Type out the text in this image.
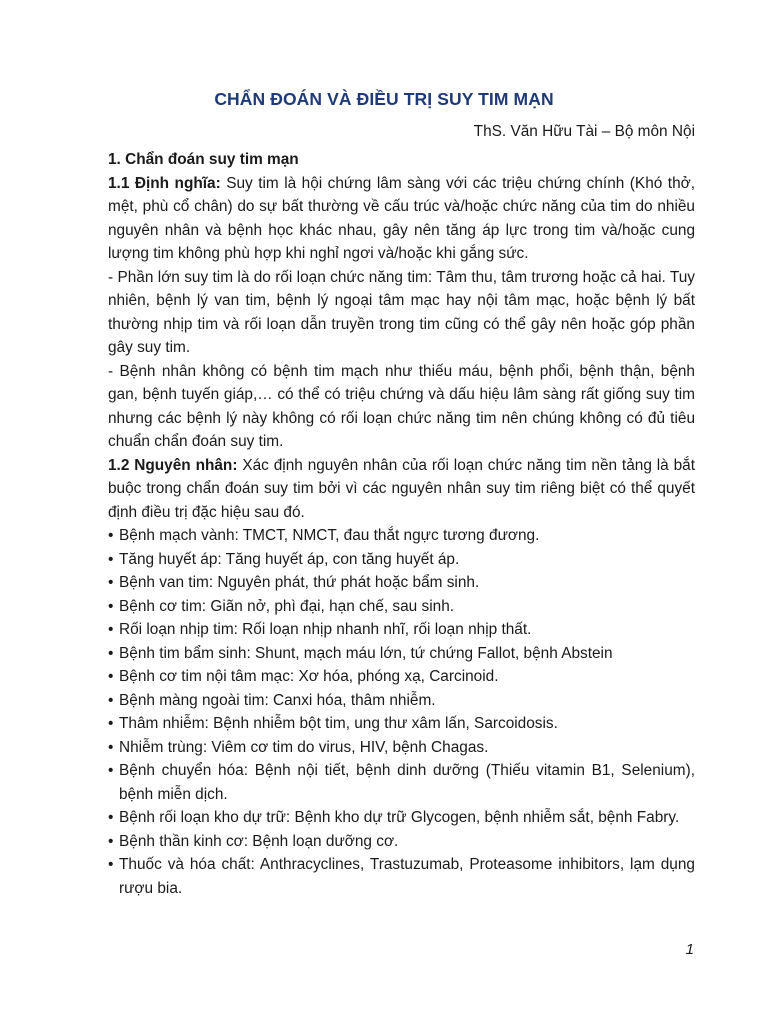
CHẨN ĐOÁN VÀ ĐIỀU TRỊ SUY TIM MẠN
ThS. Văn Hữu Tài – Bộ môn Nội

1. Chẩn đoán suy tim mạn

1.1 Định nghĩa: Suy tim là hội chứng lâm sàng với các triệu chứng chính (Khó thở, mệt, phù cổ chân) do sự bất thường về cấu trúc và/hoặc chức năng của tim do nhiều nguyên nhân và bệnh học khác nhau, gây nên tăng áp lực trong tim và/hoặc cung lượng tim không phù hợp khi nghỉ ngơi và/hoặc khi gắng sức.

- Phần lớn suy tim là do rối loạn chức năng tim: Tâm thu, tâm trương hoặc cả hai. Tuy nhiên, bệnh lý van tim, bệnh lý ngoại tâm mạc hay nội tâm mạc, hoặc bệnh lý bất thường nhịp tim và rối loạn dẫn truyền trong tim cũng có thể gây nên hoặc góp phần gây suy tim.

- Bệnh nhân không có bệnh tim mạch như thiếu máu, bệnh phổi, bệnh thận, bệnh gan, bệnh tuyến giáp,… có thể có triệu chứng và dấu hiệu lâm sàng rất giống suy tim nhưng các bệnh lý này không có rối loạn chức năng tim nên chúng không có đủ tiêu chuẩn chẩn đoán suy tim.

1.2 Nguyên nhân: Xác định nguyên nhân của rối loạn chức năng tim nền tảng là bắt buộc trong chẩn đoán suy tim bởi vì các nguyên nhân suy tim riêng biệt có thể quyết định điều trị đặc hiệu sau đó.

• Bệnh mạch vành: TMCT, NMCT, đau thắt ngực tương đương.
• Tăng huyết áp: Tăng huyết áp, con tăng huyết áp.
• Bệnh van tim: Nguyên phát, thứ phát hoặc bẩm sinh.
• Bệnh cơ tim: Giãn nở, phì đại, hạn chế, sau sinh.
• Rối loạn nhịp tim: Rối loạn nhịp nhanh nhĩ, rối loạn nhịp thất.
• Bệnh tim bẩm sinh: Shunt, mạch máu lớn, tứ chứng Fallot, bệnh Abstein
• Bệnh cơ tim nội tâm mạc: Xơ hóa, phóng xạ, Carcinoid.
• Bệnh màng ngoài tim: Canxi hóa, thâm nhiễm.
• Thâm nhiễm: Bệnh nhiễm bột tim, ung thư xâm lấn, Sarcoidosis.
• Nhiễm trùng: Viêm cơ tim do virus, HIV, bệnh Chagas.
• Bệnh chuyển hóa: Bệnh nội tiết, bệnh dinh dưỡng (Thiếu vitamin B1, Selenium), bệnh miễn dịch.
• Bệnh rối loạn kho dự trữ: Bệnh kho dự trữ Glycogen, bệnh nhiễm sắt, bệnh Fabry.
• Bệnh thần kinh cơ: Bệnh loạn dưỡng cơ.
• Thuốc và hóa chất: Anthracyclines, Trastuzumab, Proteasome inhibitors, lạm dụng rượu bia.
1
